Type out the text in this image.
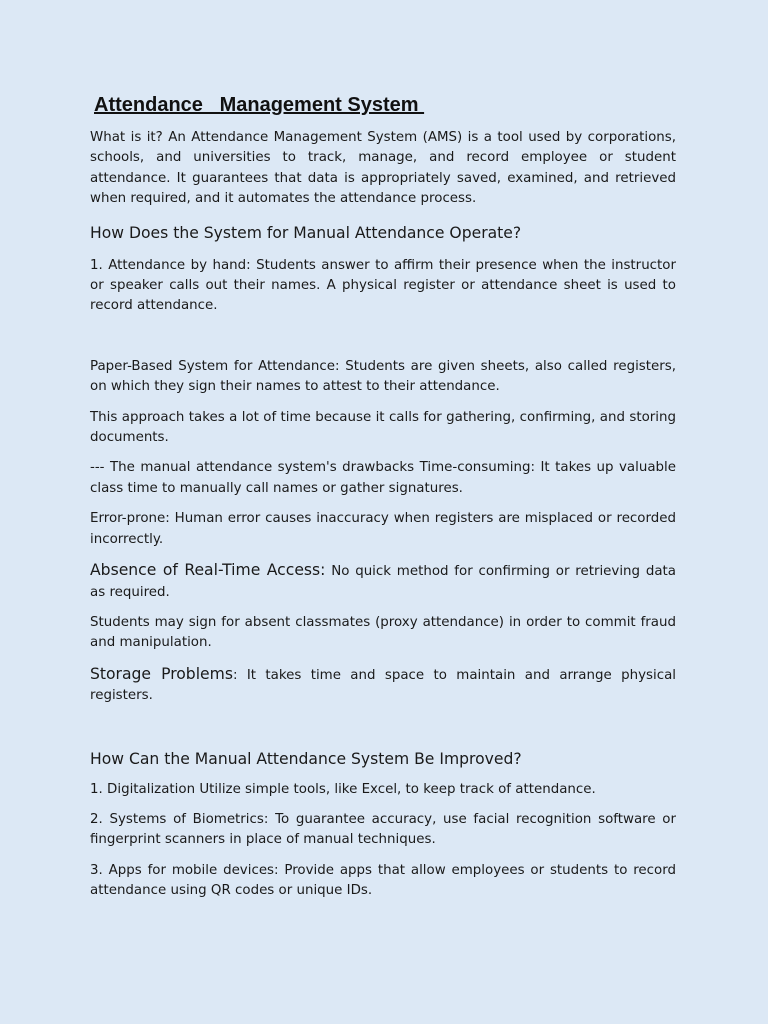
Attendance   Management System

What is it? An Attendance Management System (AMS) is a tool used by corporations, schools, and universities to track, manage, and record employee or student attendance. It guarantees that data is appropriately saved, examined, and retrieved when required, and it automates the attendance process.

How Does the System for Manual Attendance Operate?

1. Attendance by hand: Students answer to affirm their presence when the instructor or speaker calls out their names. A physical register or attendance sheet is used to record attendance.

Paper-Based System for Attendance: Students are given sheets, also called registers, on which they sign their names to attest to their attendance.

This approach takes a lot of time because it calls for gathering, confirming, and storing documents.

--- The manual attendance system's drawbacks Time-consuming: It takes up valuable class time to manually call names or gather signatures.

Error-prone: Human error causes inaccuracy when registers are misplaced or recorded incorrectly.

Absence of Real-Time Access: No quick method for confirming or retrieving data as required.

Students may sign for absent classmates (proxy attendance) in order to commit fraud and manipulation.

Storage Problems: It takes time and space to maintain and arrange physical registers.

How Can the Manual Attendance System Be Improved?

1. Digitalization Utilize simple tools, like Excel, to keep track of attendance.

2. Systems of Biometrics: To guarantee accuracy, use facial recognition software or fingerprint scanners in place of manual techniques.

3. Apps for mobile devices: Provide apps that allow employees or students to record attendance using QR codes or unique IDs.
